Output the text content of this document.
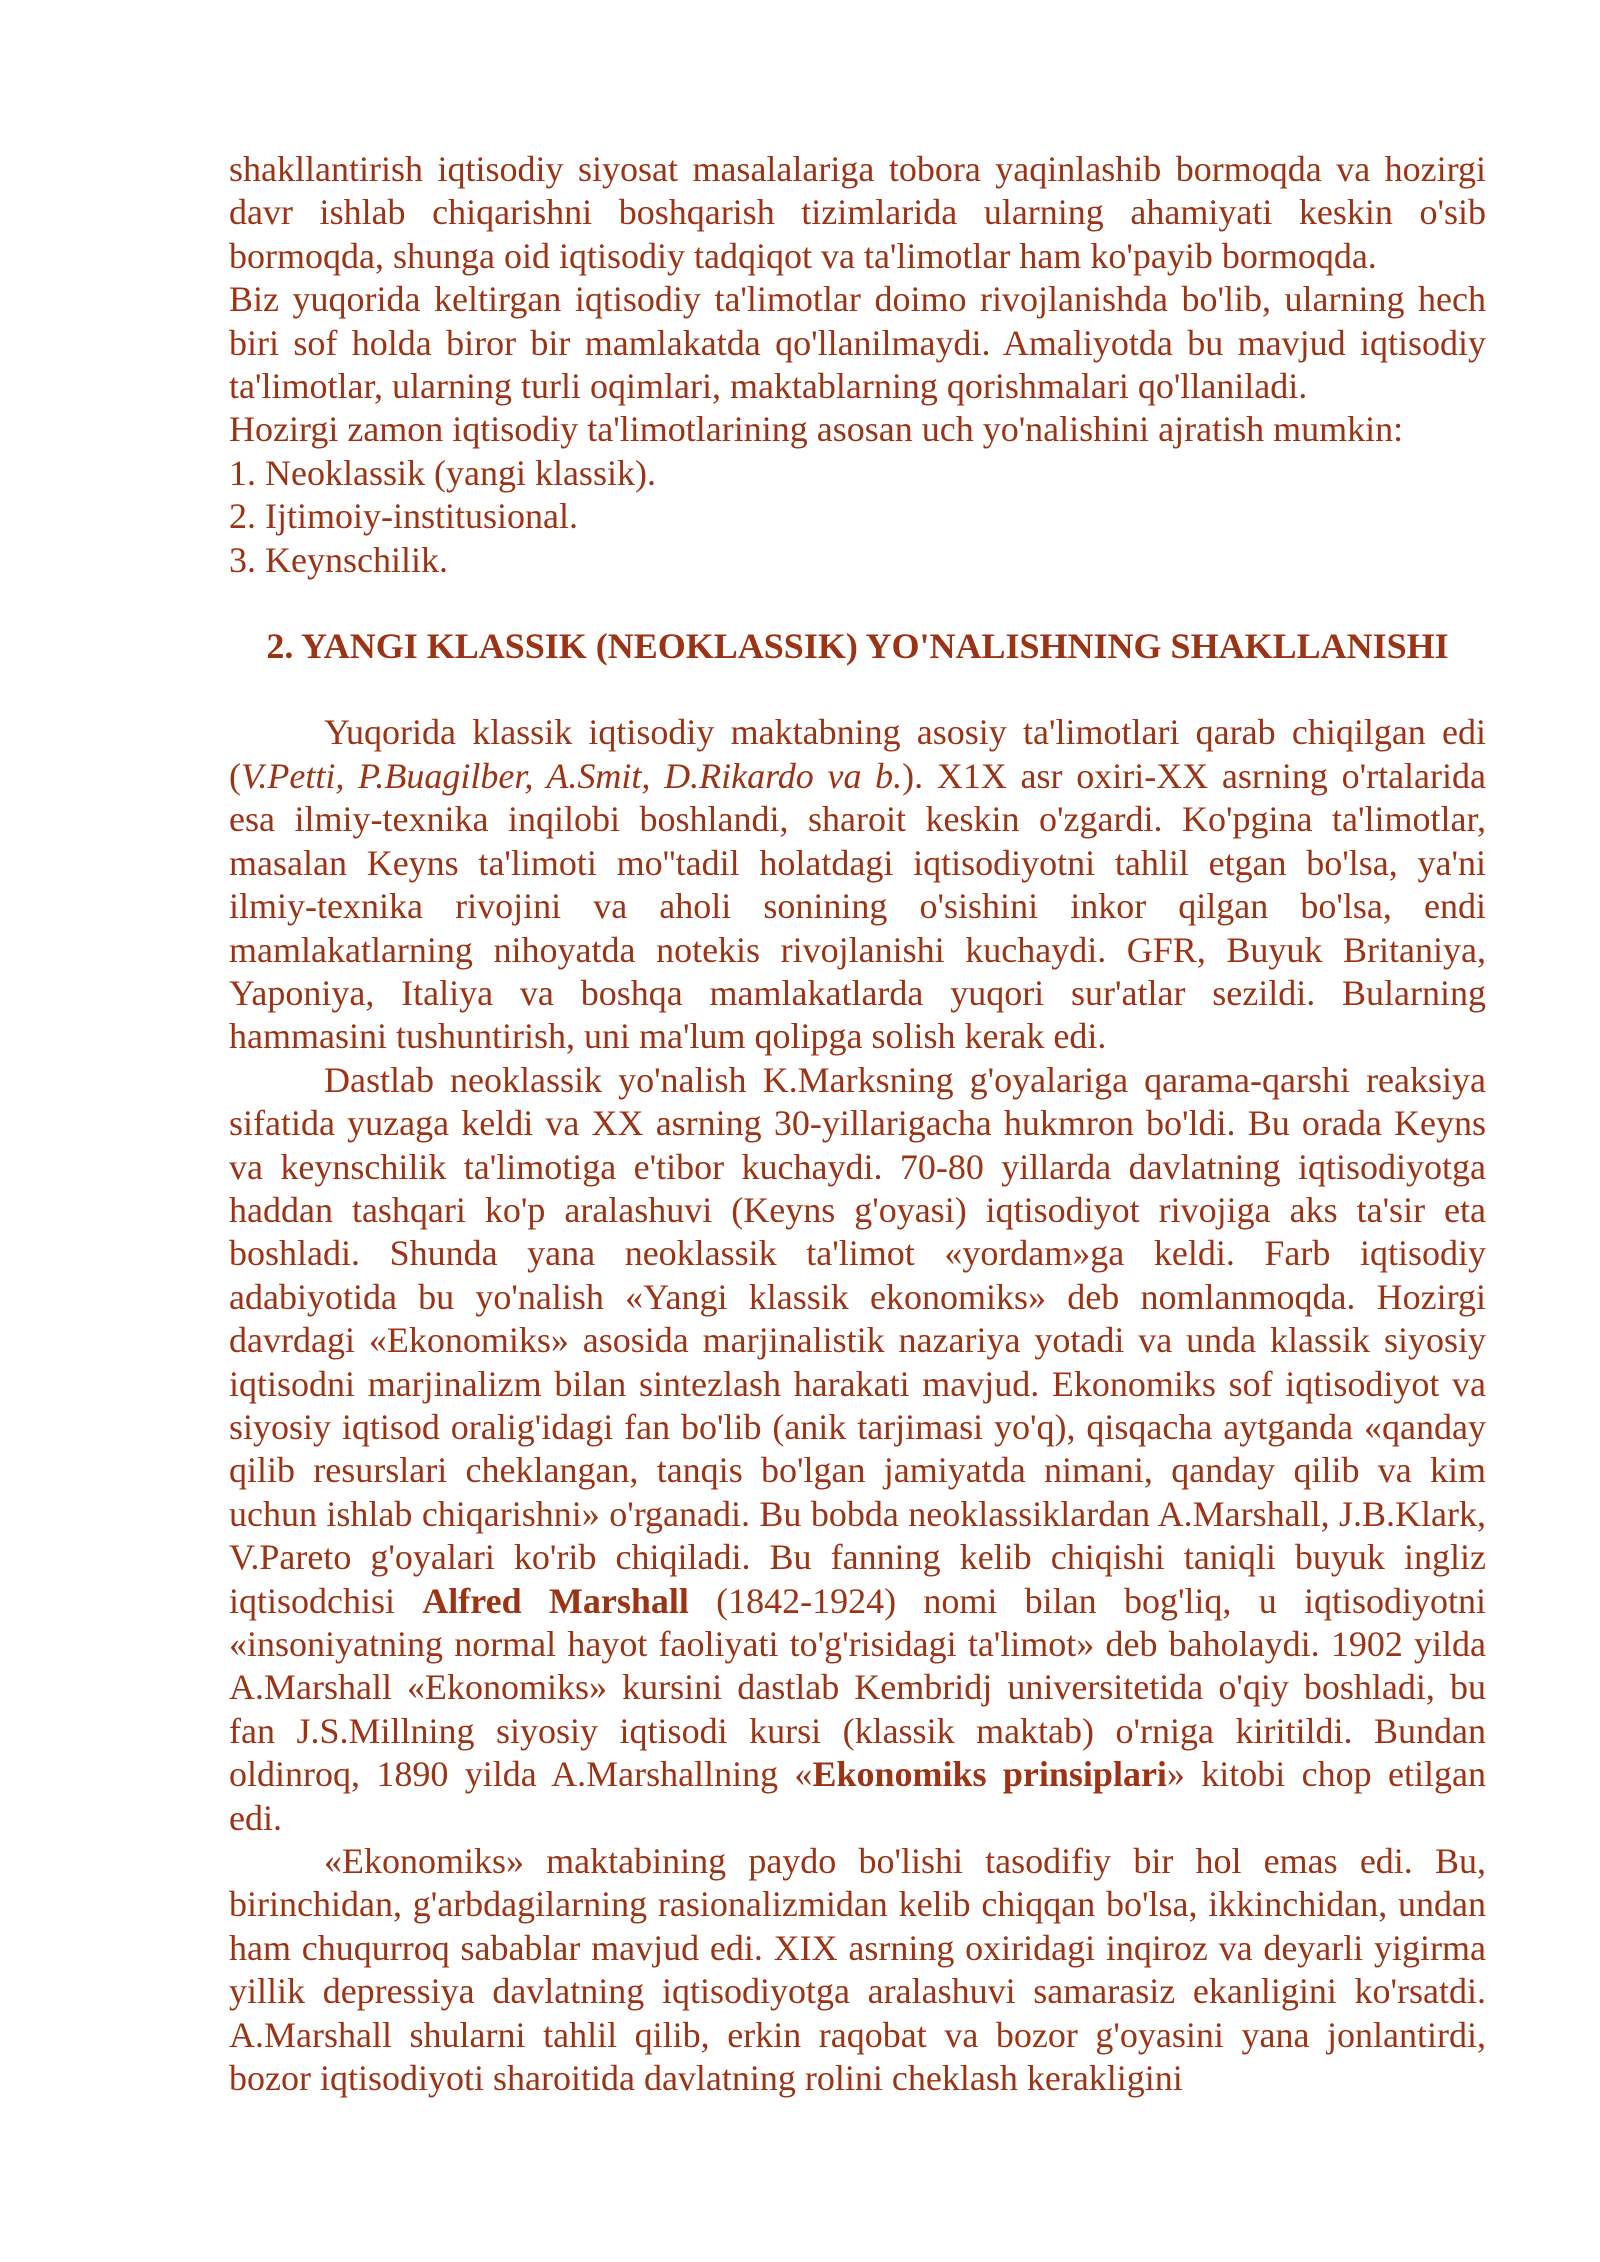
shakllantirish iqtisodiy siyosat masalalariga tobora yaqinlashib bormoqda va hozirgi davr ishlab chiqarishni boshqarish tizimlarida ularning ahamiyati keskin o'sib bormoqda, shunga oid iqtisodiy tadqiqot va ta'limotlar ham ko'payib bormoqda.

Biz yuqorida keltirgan iqtisodiy ta'limotlar doimo rivojlanishda bo'lib, ularning hech biri sof holda biror bir mamlakatda qo'llanilmaydi. Amaliyotda bu mavjud iqtisodiy ta'limotlar, ularning turli oqimlari, maktablarning qorishmalari qo'llaniladi.

Hozirgi zamon iqtisodiy ta'limotlarining asosan uch yo'nalishini ajratish mumkin:

1. Neoklassik (yangi klassik).

2. Ijtimoiy-institusional.

3. Keynschilik.

2. YANGI KLASSIK (NEOKLASSIK) YO'NALISHNING SHAKLLANISHI

Yuqorida klassik iqtisodiy maktabning asosiy ta'limotlari qarab chiqilgan edi (V.Petti, P.Buagilber, A.Smit, D.Rikardo va b.). X1X asr oxiri-XX asrning o'rtalarida esa ilmiy-texnika inqilobi boshlandi, sharoit keskin o'zgardi. Ko'pgina ta'limotlar, masalan Keyns ta'limoti mo''tadil holatdagi iqtisodiyotni tahlil etgan bo'lsa, ya'ni ilmiy-texnika rivojini va aholi sonining o'sishini inkor qilgan bo'lsa, endi mamlakatlarning nihoyatda notekis rivojlanishi kuchaydi. GFR, Buyuk Britaniya, Yaponiya, Italiya va boshqa mamlakatlarda yuqori sur'atlar sezildi. Bularning hammasini tushuntirish, uni ma'lum qolipga solish kerak edi.

Dastlab neoklassik yo'nalish K.Marksning g'oyalariga qarama-qarshi reaksiya sifatida yuzaga keldi va XX asrning 30-yillarigacha hukmron bo'ldi. Bu orada Keyns va keynschilik ta'limotiga e'tibor kuchaydi. 70-80 yillarda davlatning iqtisodiyotga haddan tashqari ko'p aralashuvi (Keyns g'oyasi) iqtisodiyot rivojiga aks ta'sir eta boshladi. Shunda yana neoklassik ta'limot «yordam»ga keldi. Farb iqtisodiy adabiyotida bu yo'nalish «Yangi klassik ekonomiks» deb nomlanmoqda. Hozirgi davrdagi «Ekonomiks» asosida marjinalistik nazariya yotadi va unda klassik siyosiy iqtisodni marjinalizm bilan sintezlash harakati mavjud. Ekonomiks sof iqtisodiyot va siyosiy iqtisod oralig'idagi fan bo'lib (anik tarjimasi yo'q), qisqacha aytganda «qanday qilib resurslari cheklangan, tanqis bo'lgan jamiyatda nimani, qanday qilib va kim uchun ishlab chiqarishni» o'rganadi. Bu bobda neoklassiklardan A.Marshall, J.B.Klark, V.Pareto g'oyalari ko'rib chiqiladi. Bu fanning kelib chiqishi taniqli buyuk ingliz iqtisodchisi Alfred Marshall (1842-1924) nomi bilan bog'liq, u iqtisodiyotni «insoniyatning normal hayot faoliyati to'g'risidagi ta'limot» deb baholaydi. 1902 yilda A.Marshall «Ekonomiks» kursini dastlab Kembridj universitetida o'qiy boshladi, bu fan J.S.Millning siyosiy iqtisodi kursi (klassik maktab) o'rniga kiritildi. Bundan oldinroq, 1890 yilda A.Marshallning «Ekonomiks prinsiplari» kitobi chop etilgan edi.

«Ekonomiks» maktabining paydo bo'lishi tasodifiy bir hol emas edi. Bu, birinchidan, g'arbdagilarning rasionalizmidan kelib chiqqan bo'lsa, ikkinchidan, undan ham chuqurroq sabablar mavjud edi. XIX asrning oxiridagi inqiroz va deyarli yigirma yillik depressiya davlatning iqtisodiyotga aralashuvi samarasiz ekanligini ko'rsatdi. A.Marshall shularni tahlil qilib, erkin raqobat va bozor g'oyasini yana jonlantirdi, bozor iqtisodiyoti sharoitida davlatning rolini cheklash kerakligini
